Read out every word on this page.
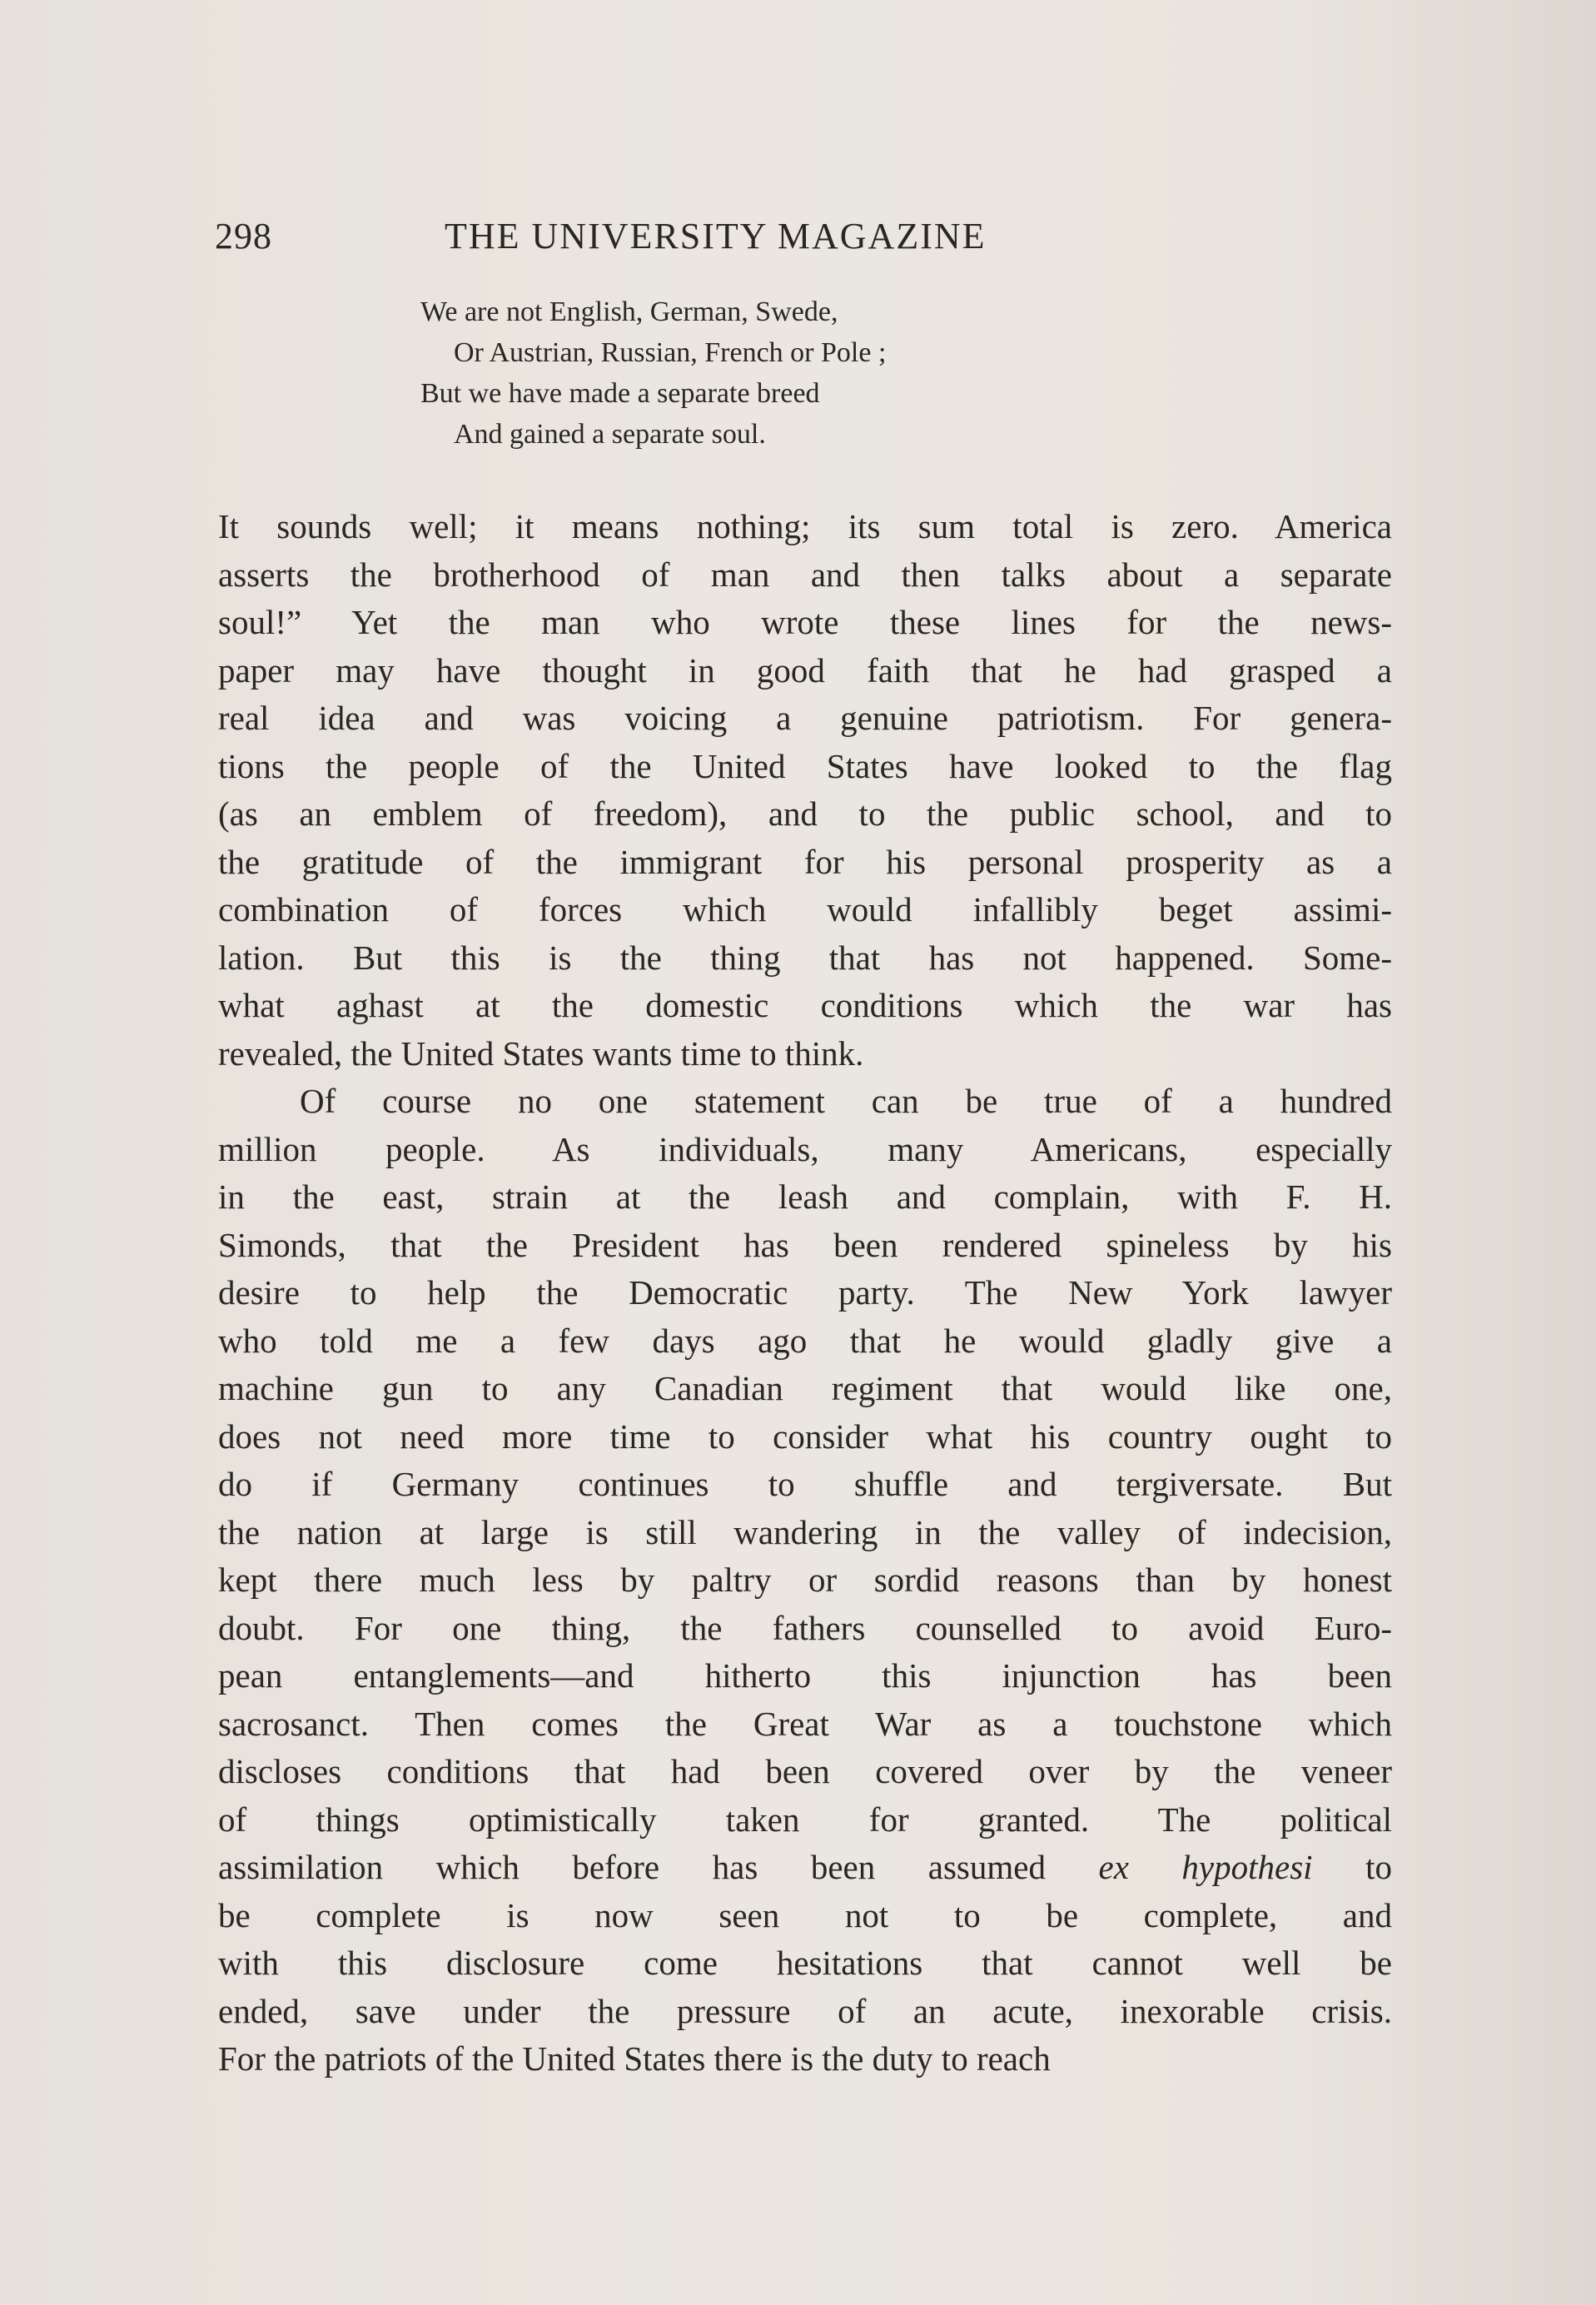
298	THE UNIVERSITY MAGAZINE
We are not English, German, Swede,
Or Austrian, Russian, French or Pole ;
But we have made a separate breed
And gained a separate soul.
It sounds well; it means nothing; its sum total is zero. America
asserts the brotherhood of man and then talks about a separate
soul!” Yet the man who wrote these lines for the news-
paper may have thought in good faith that he had grasped a
real idea and was voicing a genuine patriotism. For genera-
tions the people of the United States have looked to the flag
(as an emblem of freedom), and to the public school, and to
the gratitude of the immigrant for his personal prosperity as a
combination of forces which would infallibly beget assimi-
lation. But this is the thing that has not happened. Some-
what aghast at the domestic conditions which the war has
revealed, the United States wants time to think.
Of course no one statement can be true of a hundred
million people. As individuals, many Americans, especially
in the east, strain at the leash and complain, with F. H.
Simonds, that the President has been rendered spineless by his
desire to help the Democratic party. The New York lawyer
who told me a few days ago that he would gladly give a
machine gun to any Canadian regiment that would like one,
does not need more time to consider what his country ought to
do if Germany continues to shuffle and tergiversate. But
the nation at large is still wandering in the valley of indecision,
kept there much less by paltry or sordid reasons than by honest
doubt. For one thing, the fathers counselled to avoid Euro-
pean entanglements—and hitherto this injunction has been
sacrosanct. Then comes the Great War as a touchstone which
discloses conditions that had been covered over by the veneer
of things optimistically taken for granted. The political
assimilation which before has been assumed ex hypothesi to
be complete is now seen not to be complete, and
with this disclosure come hesitations that cannot well be
ended, save under the pressure of an acute, inexorable crisis.
For the patriots of the United States there is the duty to reach
